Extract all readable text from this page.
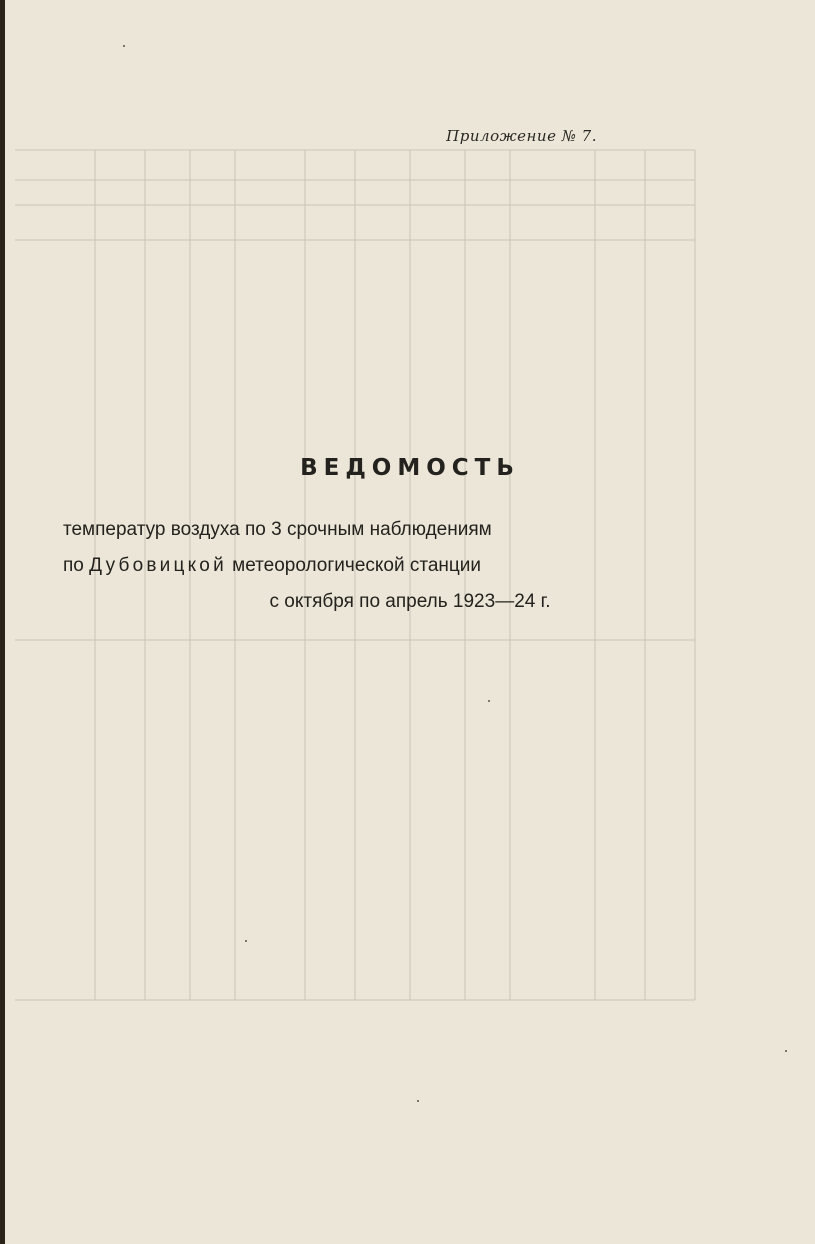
Приложение № 7.
ВЕДОМОСТЬ
температур воздуха по 3 срочным наблюдениям
по Дубовицкой метеорологической станции
с октября по апрель 1923—24 г.
